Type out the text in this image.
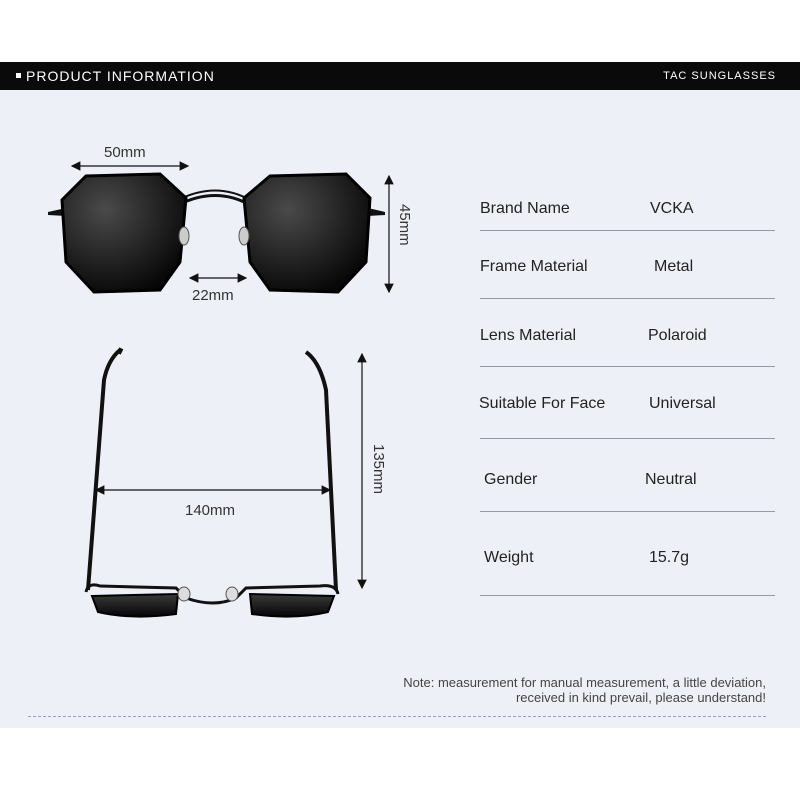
PRODUCT INFORMATION	TAC SUNGLASSES
50mm
22mm
45mm
140mm
135mm
Brand Name	VCKA
Frame Material	Metal
Lens Material	Polaroid
Suitable For Face	Universal
Gender	Neutral
Weight	15.7g
Note: measurement for manual measurement, a little deviation,
received in kind prevail, please understand!
